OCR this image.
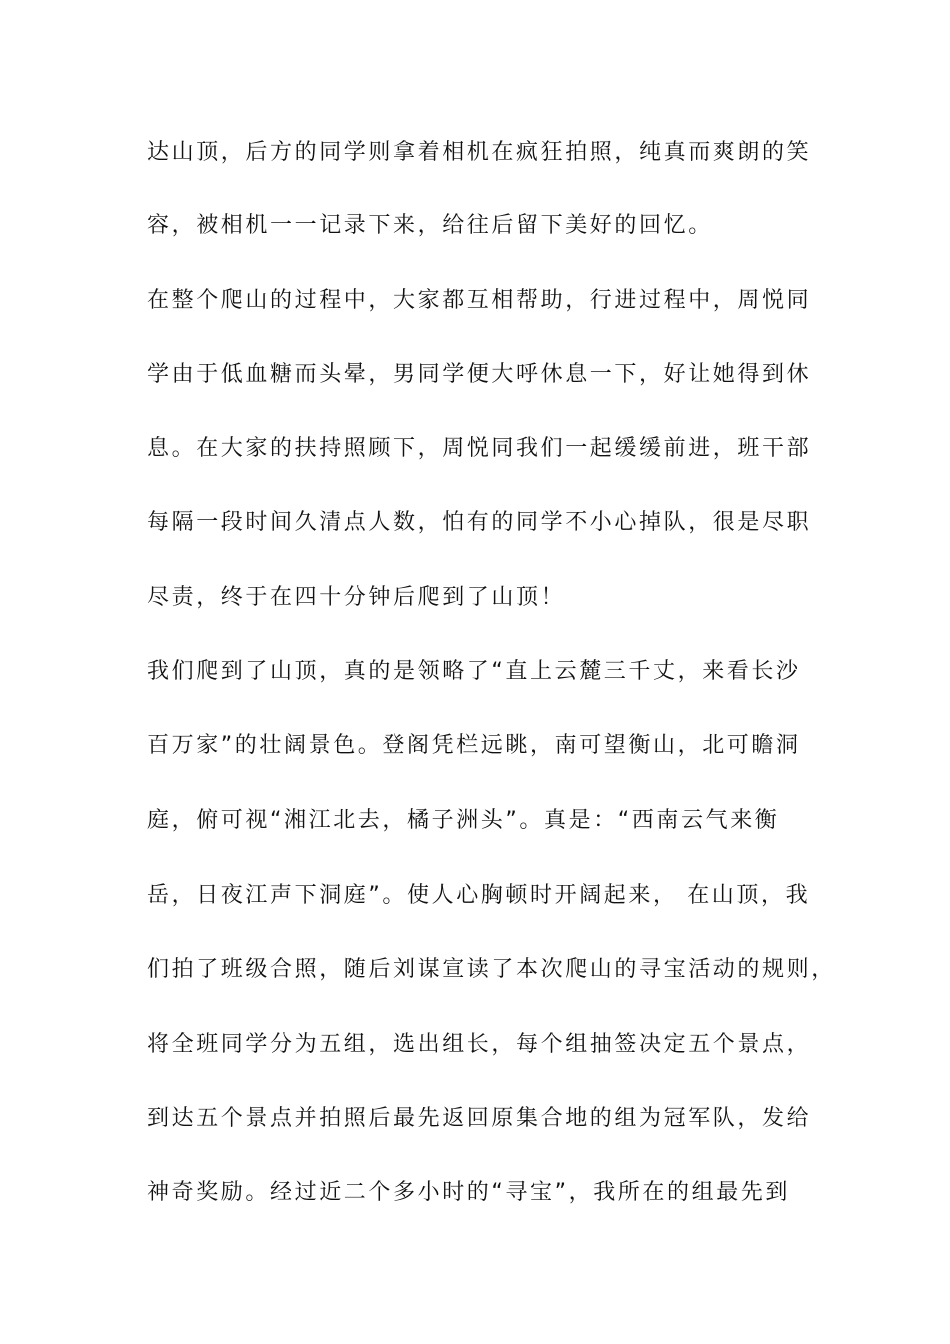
达山顶，后方的同学则拿着相机在疯狂拍照，纯真而爽朗的笑
容，被相机一一记录下来，给往后留下美好的回忆。
在整个爬山的过程中，大家都互相帮助，行进过程中，周悦同
学由于低血糖而头晕，男同学便大呼休息一下，好让她得到休
息。在大家的扶持照顾下，周悦同我们一起缓缓前进，班干部
每隔一段时间久清点人数，怕有的同学不小心掉队，很是尽职
尽责，终于在四十分钟后爬到了山顶！
我们爬到了山顶，真的是领略了“直上云麓三千丈，来看长沙
百万家”的壮阔景色。登阁凭栏远眺，南可望衡山，北可瞻洞
庭，俯可视“湘江北去，橘子洲头”。真是：“西南云气来衡
岳，日夜江声下洞庭”。使人心胸顿时开阔起来， 在山顶，我
们拍了班级合照，随后刘谋宣读了本次爬山的寻宝活动的规则，
将全班同学分为五组，选出组长，每个组抽签决定五个景点，
到达五个景点并拍照后最先返回原集合地的组为冠军队，发给
神奇奖励。经过近二个多小时的“寻宝”，我所在的组最先到
